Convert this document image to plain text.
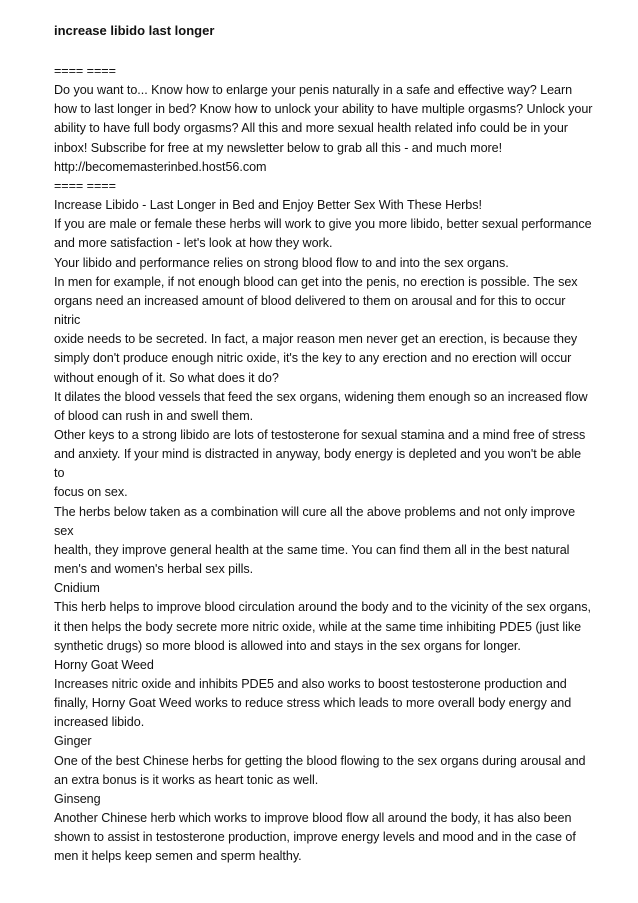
increase libido last longer
==== ====
Do you want to... Know how to enlarge your penis naturally in a safe and effective way? Learn
how to last longer in bed? Know how to unlock your ability to have multiple orgasms? Unlock your
ability to have full body orgasms? All this and more sexual health related info could be in your
inbox! Subscribe for free at my newsletter below to grab all this - and much more!
http://becomemasterinbed.host56.com
==== ====
Increase Libido - Last Longer in Bed and Enjoy Better Sex With These Herbs!
If you are male or female these herbs will work to give you more libido, better sexual performance
and more satisfaction - let's look at how they work.
Your libido and performance relies on strong blood flow to and into the sex organs.
In men for example, if not enough blood can get into the penis, no erection is possible. The sex
organs need an increased amount of blood delivered to them on arousal and for this to occur
nitric
oxide needs to be secreted. In fact, a major reason men never get an erection, is because they
simply don't produce enough nitric oxide, it's the key to any erection and no erection will occur
without enough of it. So what does it do?
It dilates the blood vessels that feed the sex organs, widening them enough so an increased flow
of blood can rush in and swell them.
Other keys to a strong libido are lots of testosterone for sexual stamina and a mind free of stress
and anxiety. If your mind is distracted in anyway, body energy is depleted and you won't be able
to
focus on sex.
The herbs below taken as a combination will cure all the above problems and not only improve
sex
health, they improve general health at the same time. You can find them all in the best natural
men's and women's herbal sex pills.
Cnidium
This herb helps to improve blood circulation around the body and to the vicinity of the sex organs,
it then helps the body secrete more nitric oxide, while at the same time inhibiting PDE5 (just like
synthetic drugs) so more blood is allowed into and stays in the sex organs for longer.
Horny Goat Weed
Increases nitric oxide and inhibits PDE5 and also works to boost testosterone production and
finally, Horny Goat Weed works to reduce stress which leads to more overall body energy and
increased libido.
Ginger
One of the best Chinese herbs for getting the blood flowing to the sex organs during arousal and
an extra bonus is it works as heart tonic as well.
Ginseng
Another Chinese herb which works to improve blood flow all around the body, it has also been
shown to assist in testosterone production, improve energy levels and mood and in the case of
men it helps keep semen and sperm healthy.
